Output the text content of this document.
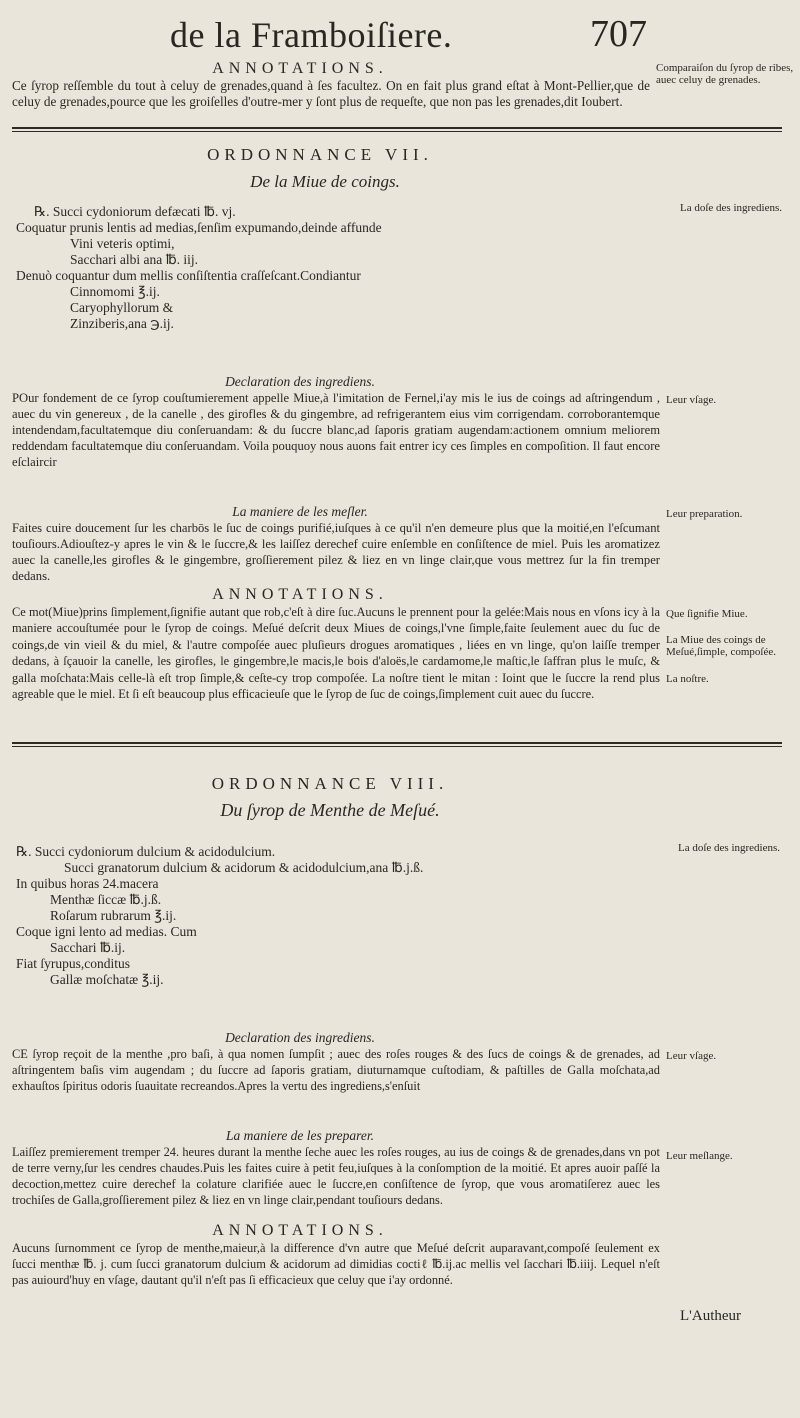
de la Framboiſiere.	707
ANNOTATIONS.
Ce ſyrop reſſemble du tout à celuy de grenades,quand à ſes facultez. On en fait plus grand eſtat à Mont-Pellier,que de celuy de grenades,pource que les groiſelles d'outre-mer y ſont plus de requeſte, que non pas les grenades,dit Ioubert.
Comparaiſon du ſyrop de ribes, auec celuy de grenades.
ORDONNANCE VII.
De la Miue de coings.
La doſe des ingrediens.
℞. Succi cydoniorum defæcati ℔. vj.
Coquatur prunis lentis ad medias,ſenſim expumando,deinde affunde
Vini veteris optimi,
Sacchari albi ana ℔. iij.
Denuò coquantur dum mellis conſiſtentia craſſeſcant.Condiantur
Cinnomomi ℥.ij.
Caryophyllorum &
Zinziberis,ana ℈.ij.
Declaration des ingrediens.
POur fondement de ce ſyrop couſtumierement appelle Miue,à l'imitation de Fernel,i'ay mis le ius de coings ad aſtringendum , auec du vin genereux , de la canelle , des girofles & du gingembre, ad refrigerantem eius vim corrigendam. corroborantemque intendendam,facultatemque diu conſeruandam: & du ſuccre blanc,ad ſaporis gratiam augendam:actionem omnium meliorem reddendam facultatemque diu conſeruandam. Voila pouquoy nous auons fait entrer icy ces ſimples en compoſition. Il faut encore eſclaircir
Leur vſage.
La maniere de les meſler.
Faites cuire doucement ſur les charbōs le ſuc de coings purifié,iuſques à ce qu'il n'en demeure plus que la moitié,en l'eſcumant touſiours.Adiouſtez-y apres le vin & le ſuccre,& les laiſſez derechef cuire enſemble en conſiſtence de miel. Puis les aromatizez auec la canelle,les girofles & le gingembre, groſſierement pilez & liez en vn linge clair,que vous mettrez ſur la fin tremper dedans.
Leur preparation.
ANNOTATIONS.
Ce mot(Miue)prins ſimplement,ſignifie autant que rob,c'eſt à dire ſuc.Aucuns le prennent pour la gelée:Mais nous en vſons icy à la maniere accouſtumée pour le ſyrop de coings. Meſué deſcrit deux Miues de coings,l'vne ſimple,faite ſeulement auec du ſuc de coings,de vin vieil & du miel, & l'autre compoſée auec pluſieurs drogues aromatiques , liées en vn linge, qu'on laiſſe tremper dedans, à ſçauoir la canelle, les girofles, le gingembre,le macis,le bois d'aloës,le cardamome,le maſtic,le ſaffran plus le muſc, & galla moſchata:Mais celle-là eſt trop ſimple,& ceſte-cy trop compoſée. La noſtre tient le mitan : Ioint que le ſuccre la rend plus agreable que le miel. Et ſi eſt beaucoup plus efficacieuſe que le ſyrop de ſuc de coings,ſimplement cuit auec du ſuccre.
Que ſignifie Miue.
La Miue des coings de Meſué,ſimple, compoſée.
La noſtre.
ORDONNANCE VIII.
Du ſyrop de Menthe de Meſué.
La doſe des ingrediens.
℞. Succi cydoniorum dulcium & acidodulcium.
Succi granatorum dulcium & acidorum & acidodulcium,ana ℔.j.ß.
In quibus horas 24.macera
Menthæ ſiccæ ℔.j.ß.
Roſarum rubrarum ℥.ij.
Coque igni lento ad medias. Cum
Sacchari ℔.ij.
Fiat ſyrupus,conditus
Gallæ moſchatæ ℥.ij.
Declaration des ingrediens.
CE ſyrop reçoit de la menthe ,pro baſi, à qua nomen ſumpſit ; auec des roſes rouges & des ſucs de coings & de grenades, ad aſtringentem baſis vim augendam ; du ſuccre ad ſaporis gratiam, diuturnamque cuſtodiam, & paſtilles de Galla moſchata,ad exhauſtos ſpiritus odoris ſuauitate recreandos.Apres la vertu des ingrediens,s'enſuit
Leur vſage.
La maniere de les preparer.
Laiſſez premierement tremper 24. heures durant la menthe ſeche auec les roſes rouges, au ius de coings & de grenades,dans vn pot de terre verny,ſur les cendres chaudes.Puis les faites cuire à petit feu,iuſques à la conſomption de la moitié. Et apres auoir paſſé la decoction,mettez cuire derechef la colature clarifiée auec le ſuccre,en conſiſtence de ſyrop, que vous aromatiſerez auec les trochiſes de Galla,groſſierement pilez & liez en vn linge clair,pendant touſiours dedans.
Leur meſlange.
ANNOTATIONS.
Aucuns ſurnomment ce ſyrop de menthe,maieur,à la difference d'vn autre que Meſué deſcrit auparavant,compoſé ſeulement ex ſucci menthæ ℔. j. cum ſucci granatorum dulcium & acidorum ad dimidias coctiℓ ℔.ij.ac mellis vel ſacchari ℔.iiij. Lequel n'eſt pas auiourd'huy en vſage, dautant qu'il n'eſt pas ſi efficacieux que celuy que i'ay ordonné.
L'Autheur
